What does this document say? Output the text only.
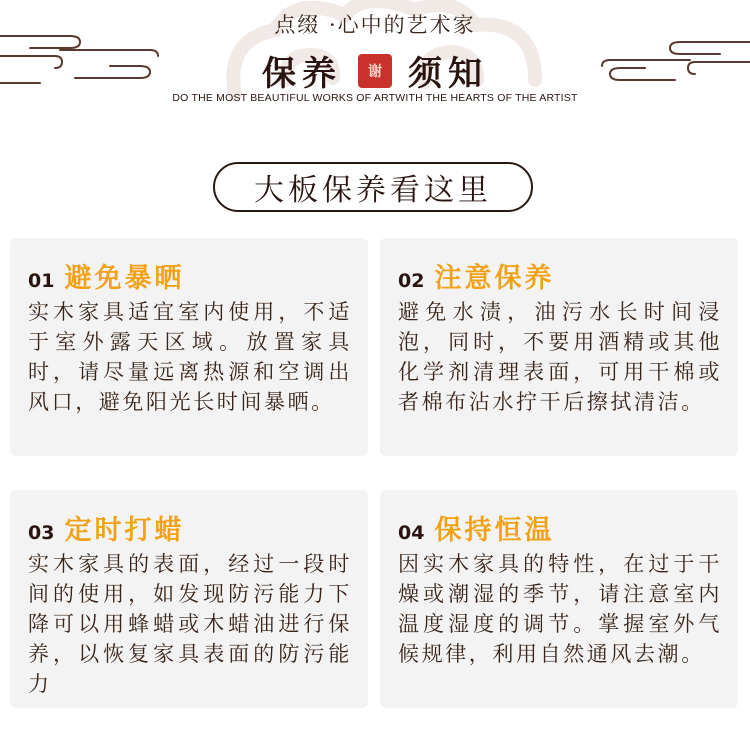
点缀 ·心中的艺术家
保养	谢 须知
DO THE MOST BEAUTIFUL WORKS OF ARTWITH THE HEARTS OF THE ARTIST
大板保养看这里
01 避免暴晒
实木家具适宜室内使用，不适于室外露天区域。放置家具时，请尽量远离热源和空调出风口，避免阳光长时间暴晒。
02 注意保养
避免水渍，油污水长时间浸泡，同时，不要用酒精或其他化学剂清理表面，可用干棉或者棉布沾水拧干后擦拭清洁。
03 定时打蜡
实木家具的表面，经过一段时间的使用，如发现防污能力下降可以用蜂蜡或木蜡油进行保养，以恢复家具表面的防污能力
04 保持恒温
因实木家具的特性，在过于干燥或潮湿的季节，请注意室内温度湿度的调节。掌握室外气候规律，利用自然通风去潮。
